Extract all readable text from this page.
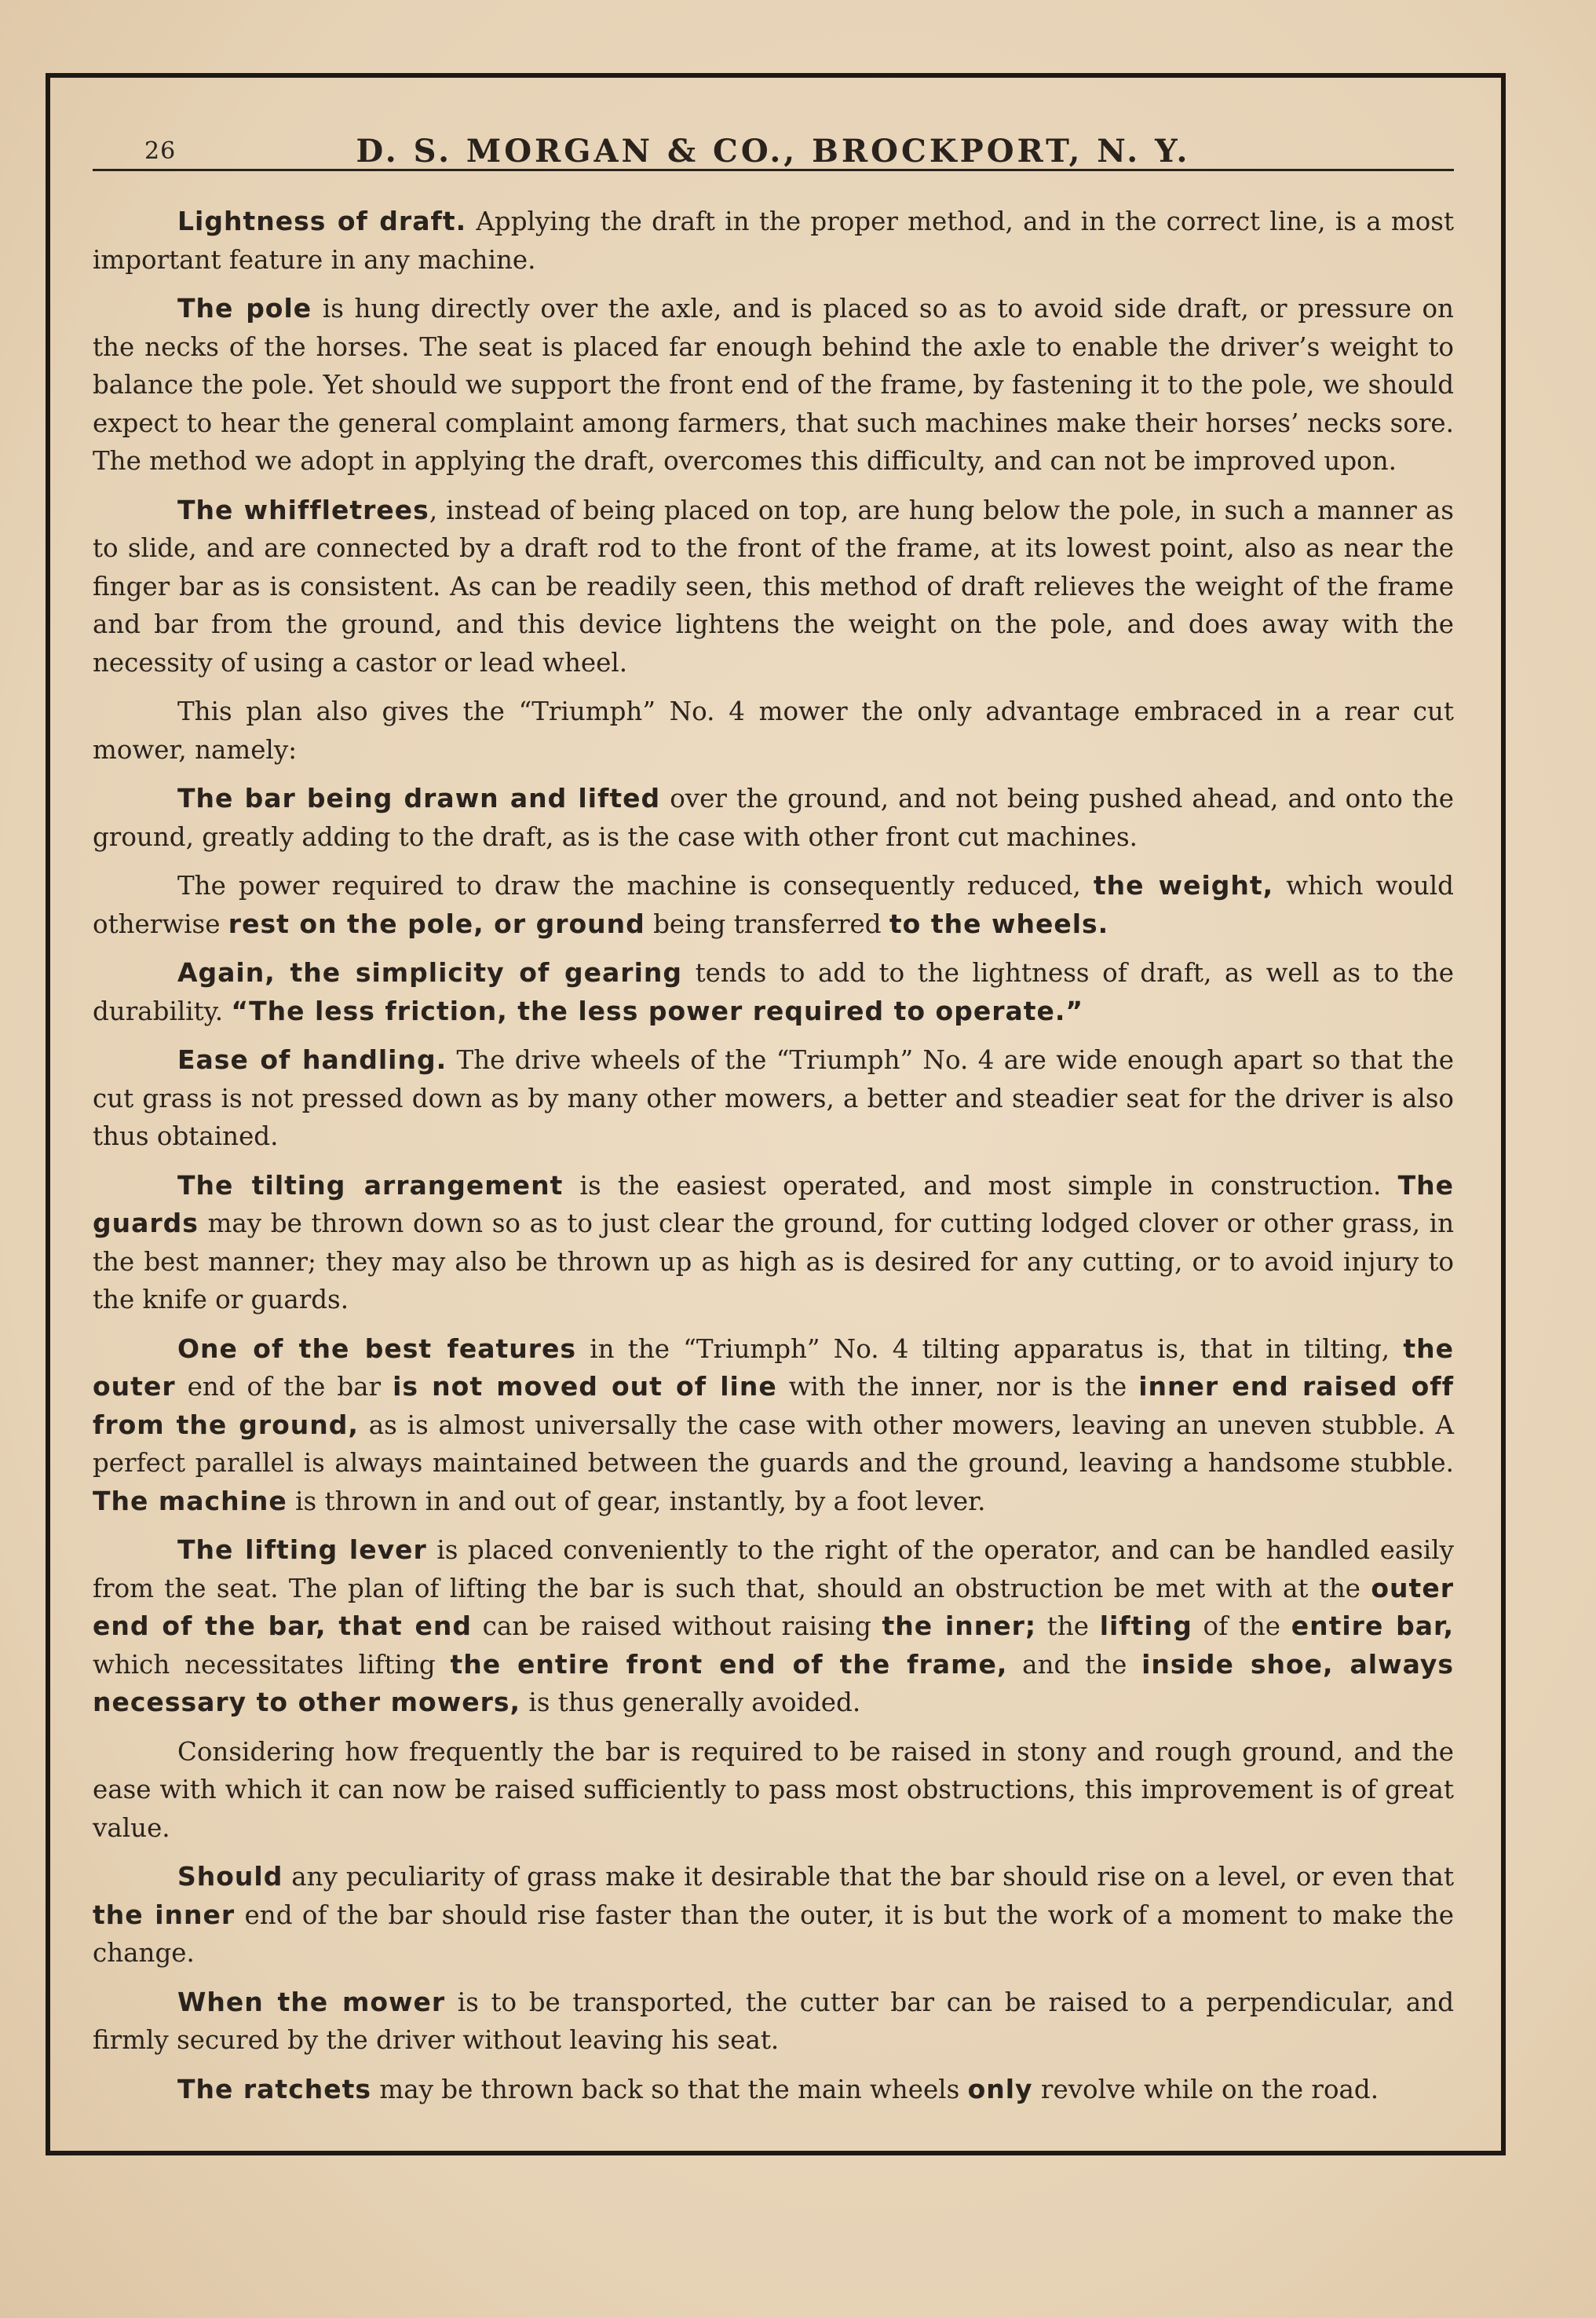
26	D. S. MORGAN & CO., BROCKPORT, N. Y.

Lightness of draft. Applying the draft in the proper method, and in the correct line, is a most important feature in any machine.

The pole is hung directly over the axle, and is placed so as to avoid side draft, or pressure on the necks of the horses. The seat is placed far enough behind the axle to enable the driver’s weight to balance the pole. Yet should we support the front end of the frame, by fastening it to the pole, we should expect to hear the general complaint among farmers, that such machines make their horses’ necks sore. The method we adopt in applying the draft, overcomes this difficulty, and can not be improved upon.

The whiffletrees, instead of being placed on top, are hung below the pole, in such a manner as to slide, and are connected by a draft rod to the front of the frame, at its lowest point, also as near the finger bar as is consistent. As can be readily seen, this method of draft relieves the weight of the frame and bar from the ground, and this device lightens the weight on the pole, and does away with the necessity of using a castor or lead wheel.

This plan also gives the “Triumph” No. 4 mower the only advantage embraced in a rear cut mower, namely:

The bar being drawn and lifted over the ground, and not being pushed ahead, and onto the ground, greatly adding to the draft, as is the case with other front cut machines.

The power required to draw the machine is consequently reduced, the weight, which would otherwise rest on the pole, or ground being transferred to the wheels.

Again, the simplicity of gearing tends to add to the lightness of draft, as well as to the durability. “The less friction, the less power required to operate.”

Ease of handling. The drive wheels of the “Triumph” No. 4 are wide enough apart so that the cut grass is not pressed down as by many other mowers, a better and steadier seat for the driver is also thus obtained.

The tilting arrangement is the easiest operated, and most simple in construction. The guards may be thrown down so as to just clear the ground, for cutting lodged clover or other grass, in the best manner; they may also be thrown up as high as is desired for any cutting, or to avoid injury to the knife or guards.

One of the best features in the “Triumph” No. 4 tilting apparatus is, that in tilting, the outer end of the bar is not moved out of line with the inner, nor is the inner end raised off from the ground, as is almost universally the case with other mowers, leaving an uneven stubble. A perfect parallel is always maintained between the guards and the ground, leaving a handsome stubble. The machine is thrown in and out of gear, instantly, by a foot lever.

The lifting lever is placed conveniently to the right of the operator, and can be handled easily from the seat. The plan of lifting the bar is such that, should an obstruction be met with at the outer end of the bar, that end can be raised without raising the inner; the lifting of the entire bar, which necessitates lifting the entire front end of the frame, and the inside shoe, always necessary to other mowers, is thus generally avoided.

Considering how frequently the bar is required to be raised in stony and rough ground, and the ease with which it can now be raised sufficiently to pass most obstructions, this improvement is of great value.

Should any peculiarity of grass make it desirable that the bar should rise on a level, or even that the inner end of the bar should rise faster than the outer, it is but the work of a moment to make the change.

When the mower is to be transported, the cutter bar can be raised to a perpendicular, and firmly secured by the driver without leaving his seat.

The ratchets may be thrown back so that the main wheels only revolve while on the road.
